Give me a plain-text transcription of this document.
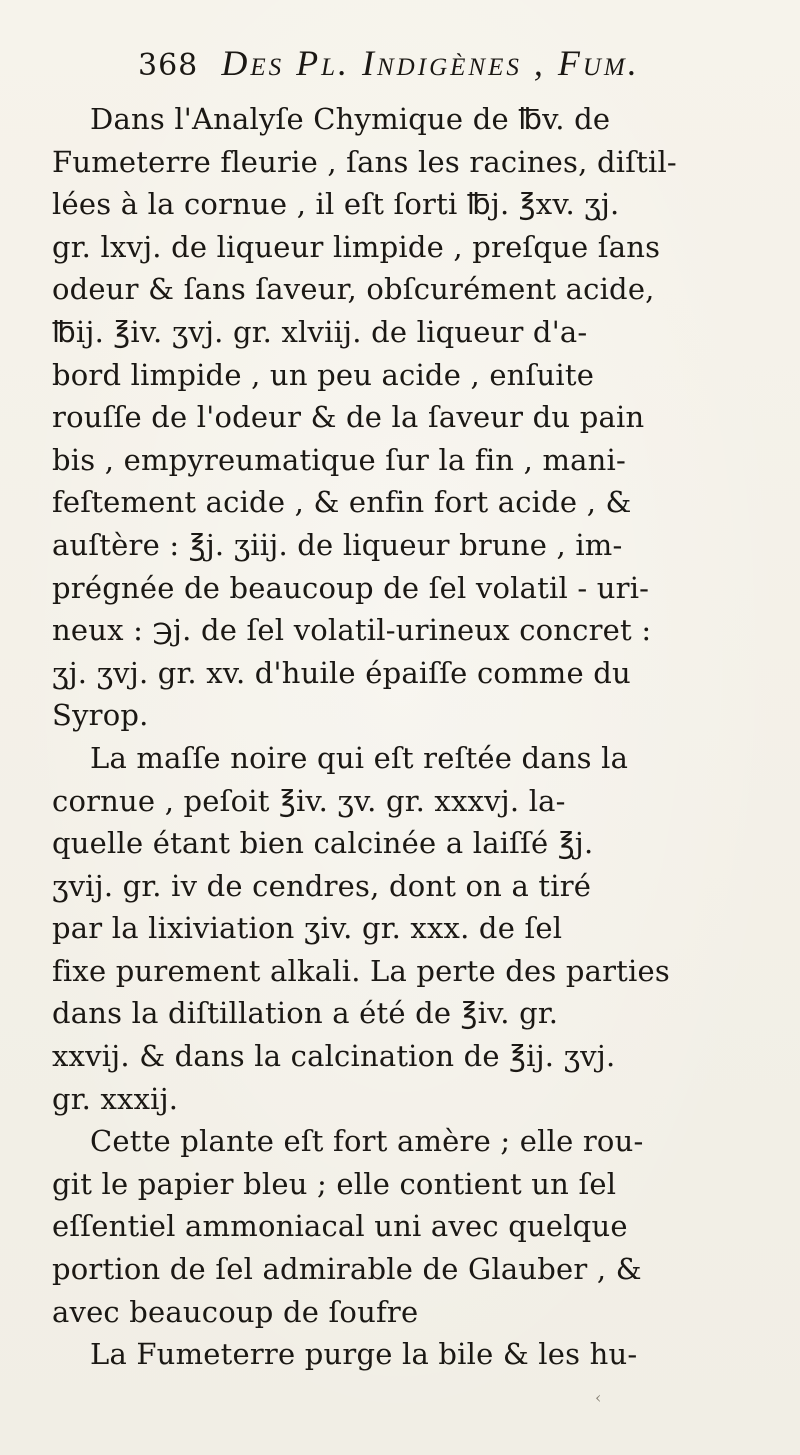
368 Des Pl. Indigènes , Fum.
Dans l'Analyſe Chymique de ℔v. de
Fumeterre fleurie , ſans les racines, diſtil-
lées à la cornue , il eſt ſorti ℔j. ℥xv. ʒj.
gr. lxvj. de liqueur limpide , preſque ſans
odeur & ſans ſaveur, obſcurément acide,
℔ij. ℥iv. ʒvj. gr. xlviij. de liqueur d'a-
bord limpide , un peu acide , enſuite
rouſſe de l'odeur & de la ſaveur du pain
bis , empyreumatique ſur la fin , mani-
feſtement acide , & enfin fort acide , &
auſtère : ℥j. ʒiij. de liqueur brune , im-
prégnée de beaucoup de ſel volatil - uri-
neux : ℈j. de ſel volatil-urineux concret :
ʒj. ʒvj. gr. xv. d'huile épaiſſe comme du
Syrop.
La maſſe noire qui eſt reſtée dans la
cornue , peſoit ℥iv. ʒv. gr. xxxvj. la-
quelle étant bien calcinée a laiſſé ℥j.
ʒvij. gr. iv de cendres, dont on a tiré
par la lixiviation ʒiv. gr. xxx. de ſel
fixe purement alkali. La perte des parties
dans la diſtillation a été de ℥iv. gr.
xxvij. & dans la calcination de ℥ij. ʒvj.
gr. xxxij.
Cette plante eſt fort amère ; elle rou-
git le papier bleu ; elle contient un ſel
eſſentiel ammoniacal uni avec quelque
portion de ſel admirable de Glauber , &
avec beaucoup de ſoufre
La Fumeterre purge la bile & les hu-
‹
